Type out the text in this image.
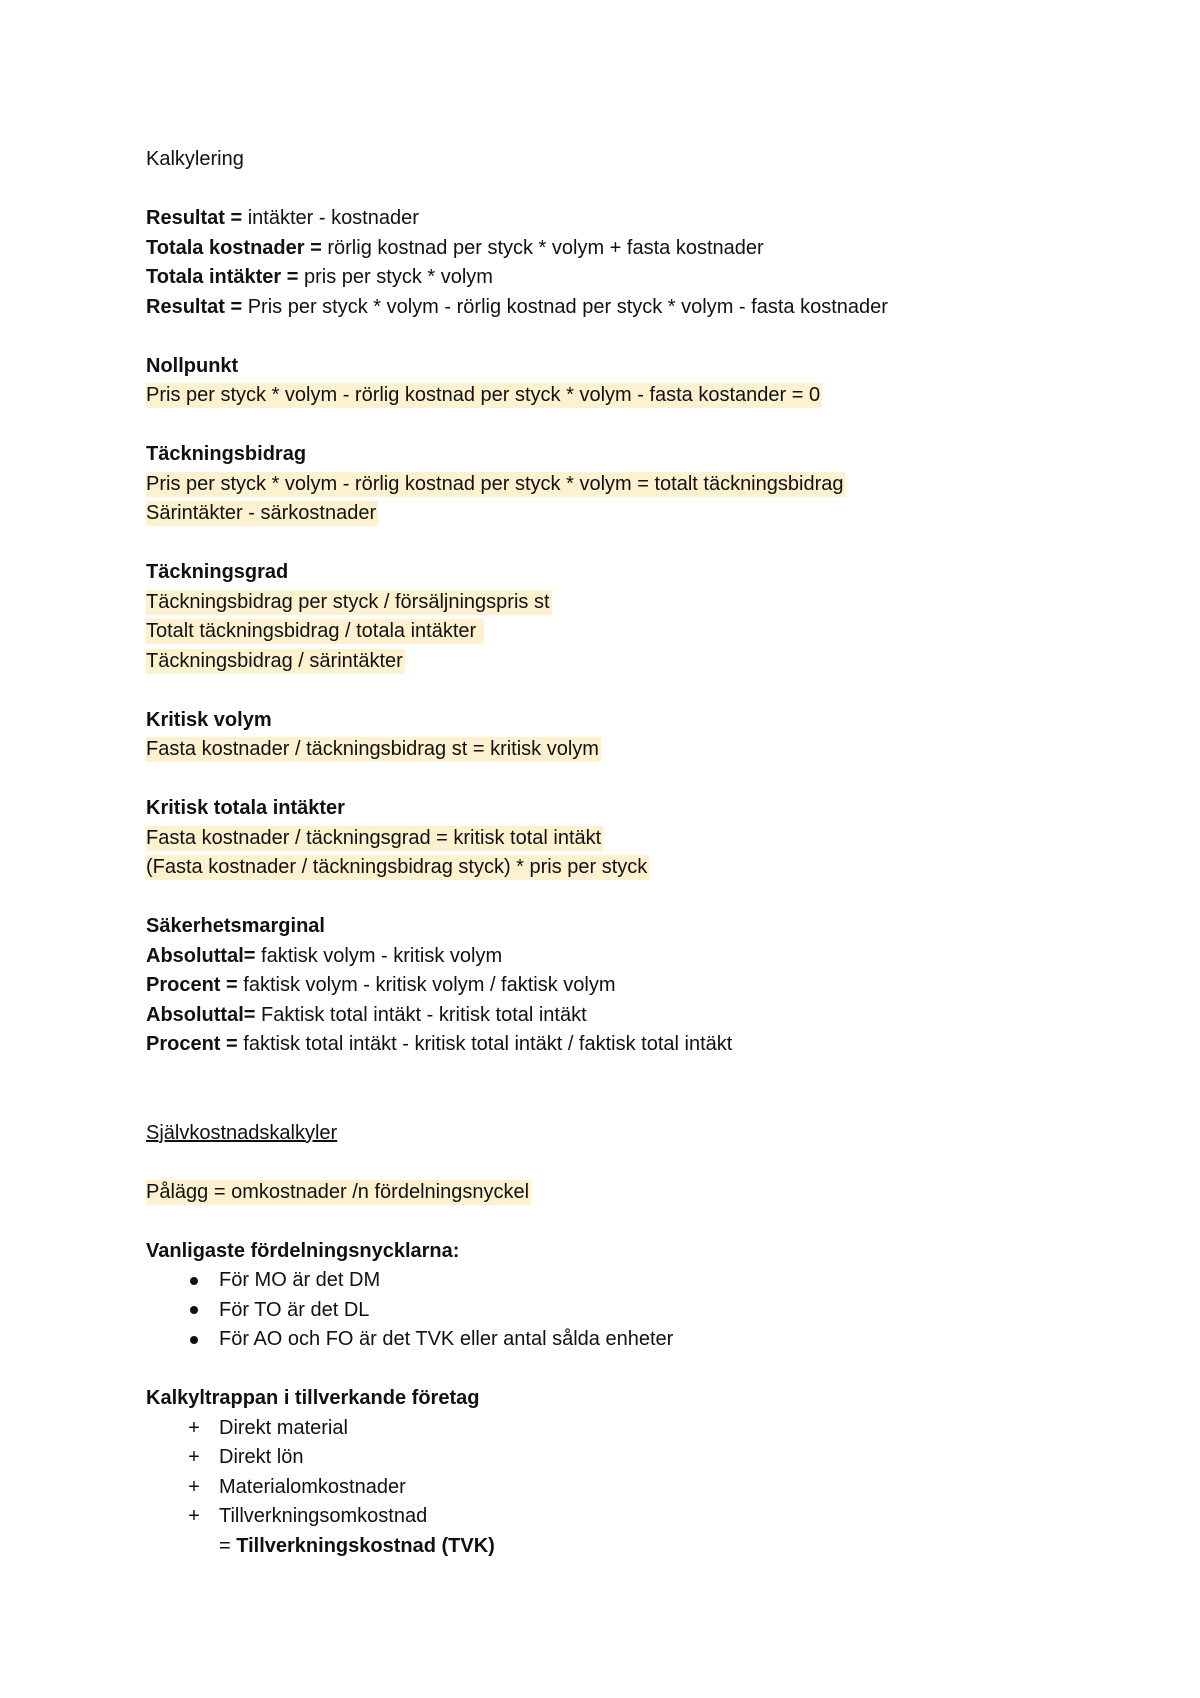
Kalkylering
Resultat = intäkter - kostnader
Totala kostnader = rörlig kostnad per styck * volym + fasta kostnader
Totala intäkter = pris per styck * volym
Resultat = Pris per styck * volym - rörlig kostnad per styck * volym - fasta kostnader
Nollpunkt
Pris per styck * volym - rörlig kostnad per styck * volym - fasta kostander = 0
Täckningsbidrag
Pris per styck * volym - rörlig kostnad per styck * volym = totalt täckningsbidrag
Särintäkter - särkostnader
Täckningsgrad
Täckningsbidrag per styck / försäljningspris st
Totalt täckningsbidrag / totala intäkter
Täckningsbidrag / särintäkter
Kritisk volym
Fasta kostnader / täckningsbidrag st = kritisk volym
Kritisk totala intäkter
Fasta kostnader / täckningsgrad = kritisk total intäkt
(Fasta kostnader / täckningsbidrag styck) * pris per styck
Säkerhetsmarginal
Absoluttal= faktisk volym - kritisk volym
Procent = faktisk volym - kritisk volym / faktisk volym
Absoluttal= Faktisk total intäkt - kritisk total intäkt
Procent = faktisk total intäkt - kritisk total intäkt / faktisk total intäkt
Självkostnadskalkyler
Pålägg = omkostnader /n fördelningsnyckel
Vanligaste fördelningsnycklarna:
För MO är det DM
För TO är det DL
För AO och FO är det TVK eller antal sålda enheter
Kalkyltrappan i tillverkande företag
+ Direkt material
+ Direkt lön
+ Materialomkostnader
+ Tillverkningsomkostnad
= Tillverkningskostnad (TVK)
